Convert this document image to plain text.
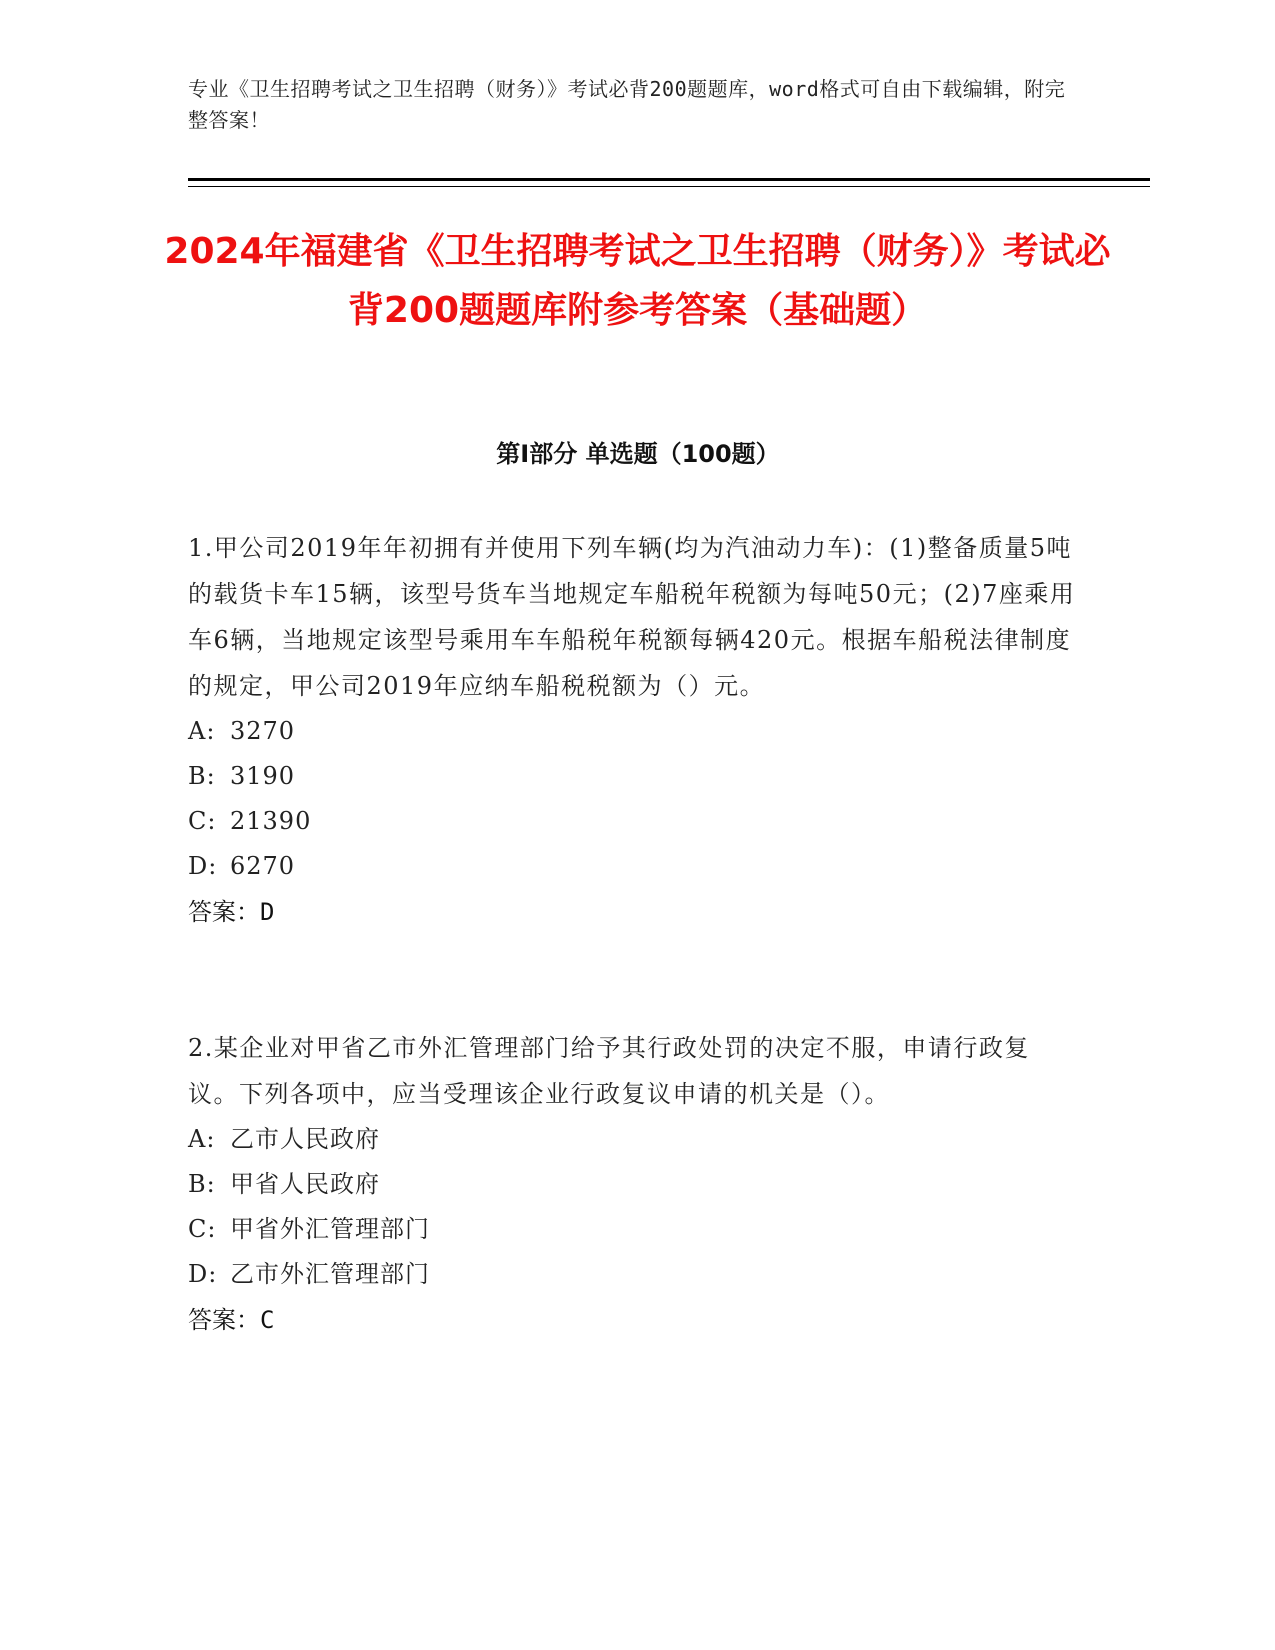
专业《卫生招聘考试之卫生招聘（财务）》考试必背200题题库，word格式可自由下载编辑，附完整答案！
2024年福建省《卫生招聘考试之卫生招聘（财务）》考试必背200题题库附参考答案（基础题）
第I部分 单选题（100题）

1.甲公司2019年年初拥有并使用下列车辆(均为汽油动力车)：(1)整备质量5吨的载货卡车15辆，该型号货车当地规定车船税年税额为每吨50元；(2)7座乘用车6辆，当地规定该型号乘用车车船税年税额每辆420元。根据车船税法律制度的规定，甲公司2019年应纳车船税税额为（）元。

A: 3270
B: 3190
C: 21390
D: 6270

答案：D

2.某企业对甲省乙市外汇管理部门给予其行政处罚的决定不服，申请行政复议。下列各项中，应当受理该企业行政复议申请的机关是（）。

A: 乙市人民政府
B: 甲省人民政府
C: 甲省外汇管理部门
D: 乙市外汇管理部门

答案：C
